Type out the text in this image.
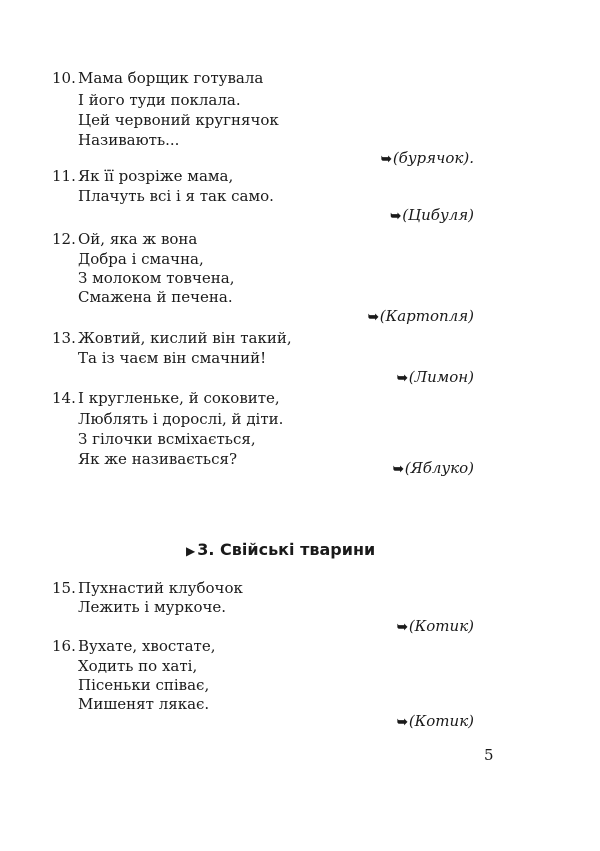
10. Мама борщик готувала
І його туди поклала.
Цей червоний кругнячок
Називають...
➥(бурячок).
11. Як її розріже мама,
Плачуть всі і я так само.
➥(Цибуля)
12. Ой, яка ж вона
Добра і смачна,
З молоком товчена,
Смажена й печена.
➥(Картопля)
13. Жовтий, кислий він такий,
Та із чаєм він смачний!
➥(Лимон)
14. І кругленьке, й соковите,
Люблять і дорослі, й діти.
З гілочки всміхається,
Як же називається?
➥(Яблуко)
▶ 3. Свійські тварини
15. Пухнастий клубочок
Лежить і муркоче.
➥(Котик)
16. Вухате, хвостате,
Ходить по хаті,
Пісеньки співає,
Мишенят лякає.
➥(Котик)
5
